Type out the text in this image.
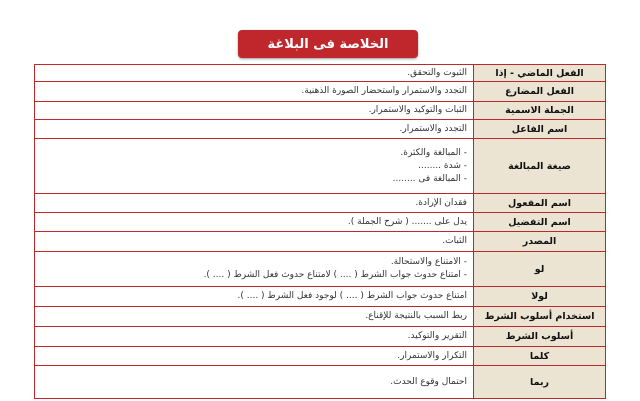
الخلاصة فى البلاغة
الفعل الماضي - إذا
الثبوت والتحقق.
الفعل المضارع
التجدد والاستمرار واستحضار الصورة الذهنية.
الجملة الاسمية
الثبات والتوكيد والاستمرار.
اسم الفاعل
التجدد والاستمرار.
صيغة المبالغة
- المبالغة والكثرة.
- شدة ........
- المبالغة فى ........
اسم المفعول
فقدان الإرادة.
اسم التفضيل
يدل على ....... ( شرح الجملة ).
المصدر
الثبات.
لو
- الامتناع والاستحالة.
- امتناع حدوث جواب الشرط ( .... ) لامتناع حدوث فعل الشرط ( .... ).
لولا
امتناع حدوث جواب الشرط ( .... ) لوجود فعل الشرط ( .... ).
استخدام أسلوب الشرط
ربط السبب بالنتيجة للإقناع.
أسلوب الشرط
التقرير والتوكيد.
كلما
التكرار والاستمرار.
ربما
احتمال وقوع الحدث.
